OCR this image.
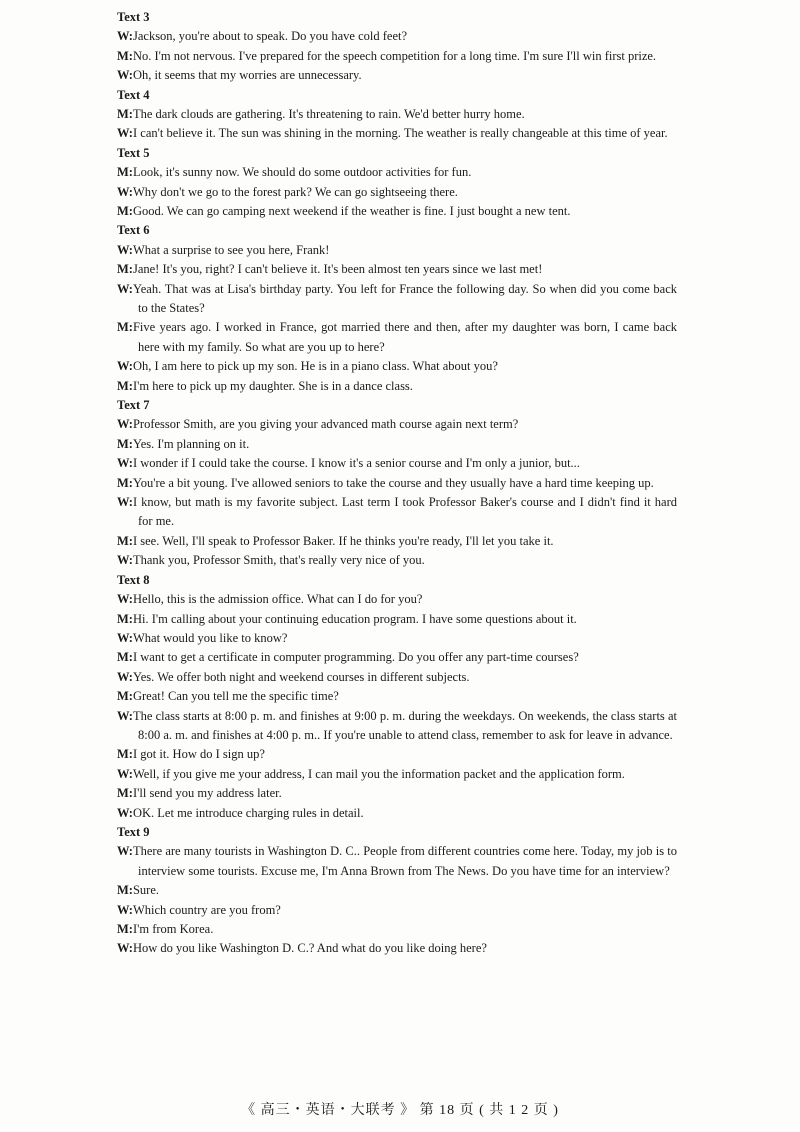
Text 3
W:Jackson, you're about to speak. Do you have cold feet?
M:No. I'm not nervous. I've prepared for the speech competition for a long time. I'm sure I'll win first prize.
W:Oh, it seems that my worries are unnecessary.
Text 4
M:The dark clouds are gathering. It's threatening to rain. We'd better hurry home.
W:I can't believe it. The sun was shining in the morning. The weather is really changeable at this time of year.
Text 5
M:Look, it's sunny now. We should do some outdoor activities for fun.
W:Why don't we go to the forest park? We can go sightseeing there.
M:Good. We can go camping next weekend if the weather is fine. I just bought a new tent.
Text 6
W:What a surprise to see you here, Frank!
M:Jane! It's you, right? I can't believe it. It's been almost ten years since we last met!
W:Yeah. That was at Lisa's birthday party. You left for France the following day. So when did you come back to the States?
M:Five years ago. I worked in France, got married there and then, after my daughter was born, I came back here with my family. So what are you up to here?
W:Oh, I am here to pick up my son. He is in a piano class. What about you?
M:I'm here to pick up my daughter. She is in a dance class.
Text 7
W:Professor Smith, are you giving your advanced math course again next term?
M:Yes. I'm planning on it.
W:I wonder if I could take the course. I know it's a senior course and I'm only a junior, but...
M:You're a bit young. I've allowed seniors to take the course and they usually have a hard time keeping up.
W:I know, but math is my favorite subject. Last term I took Professor Baker's course and I didn't find it hard for me.
M:I see. Well, I'll speak to Professor Baker. If he thinks you're ready, I'll let you take it.
W:Thank you, Professor Smith, that's really very nice of you.
Text 8
W:Hello, this is the admission office. What can I do for you?
M:Hi. I'm calling about your continuing education program. I have some questions about it.
W:What would you like to know?
M:I want to get a certificate in computer programming. Do you offer any part-time courses?
W:Yes. We offer both night and weekend courses in different subjects.
M:Great! Can you tell me the specific time?
W:The class starts at 8:00 p. m. and finishes at 9:00 p. m. during the weekdays. On weekends, the class starts at 8:00 a. m. and finishes at 4:00 p. m.. If you're unable to attend class, remember to ask for leave in advance.
M:I got it. How do I sign up?
W:Well, if you give me your address, I can mail you the information packet and the application form.
M:I'll send you my address later.
W:OK. Let me introduce charging rules in detail.
Text 9
W:There are many tourists in Washington D. C.. People from different countries come here. Today, my job is to interview some tourists. Excuse me, I'm Anna Brown from The News. Do you have time for an interview?
M:Sure.
W:Which country are you from?
M:I'm from Korea.
W:How do you like Washington D. C.? And what do you like doing here?
《 高三・英语・大联考 》 第 18 页 ( 共 1 2 页 )
